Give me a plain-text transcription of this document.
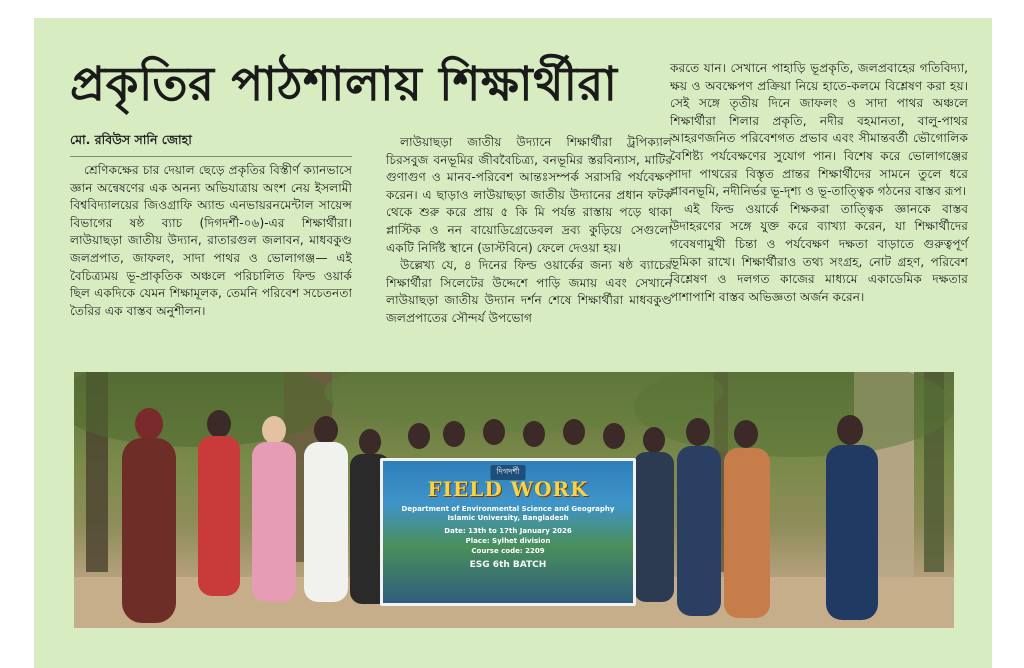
প্রকৃতির পাঠশালায় শিক্ষার্থীরা
মো. রবিউস সানি জোহা

শ্রেণিকক্ষের চার দেয়াল ছেড়ে প্রকৃতির বিস্তীর্ণ ক্যানভাসে জ্ঞান অন্বেষণের এক অনন্য অভিযাত্রায় অংশ নেয় ইসলামী বিশ্ববিদ্যালয়ের জিওগ্রাফি অ্যান্ড এনভায়রনমেন্টাল সায়েন্স বিভাগের ষষ্ঠ ব্যাচ (দিগদর্শী-০৬)-এর শিক্ষার্থীরা। লাউয়াছড়া জাতীয় উদ্যান, রাতারগুল জলাবন, মাধবকুণ্ড জলপ্রপাত, জাফলং, সাদা পাথর ও ভোলাগঞ্জ— এই বৈচিত্র্যময় ভূ-প্রাকৃতিক অঞ্চলে পরিচালিত ফিল্ড ওয়ার্ক ছিল একদিকে যেমন শিক্ষামূলক, তেমনি পরিবেশ সচেতনতা তৈরির এক বাস্তব অনুশীলন।

লাউয়াছড়া জাতীয় উদ্যানে শিক্ষার্থীরা ট্রপিক্যাল চিরসবুজ বনভূমির জীববৈচিত্র্য, বনভূমির স্তরবিন্যাস, মাটির গুণাগুণ ও মানব-পরিবেশ আন্তঃসম্পর্ক সরাসরি পর্যবেক্ষণ করেন। এ ছাড়াও লাউয়াছড়া জাতীয় উদ্যানের প্রধান ফটক থেকে শুরু করে প্রায় ৫ কি মি পর্যন্ত রাস্তায় পড়ে থাকা প্লাস্টিক ও নন বায়োডিগ্রেডেবল দ্রব্য কুড়িয়ে সেগুলো একটি নির্দিষ্ট স্থানে (ডাস্টবিনে) ফেলে দেওয়া হয়।

উল্লেখ্য যে, ৪ দিনের ফিল্ড ওয়ার্কের জন্য ষষ্ঠ ব্যাচের শিক্ষার্থীরা সিলেটের উদ্দেশে পাড়ি জমায় এবং সেখানে লাউয়াছড়া জাতীয় উদ্যান দর্শন শেষে শিক্ষার্থীরা মাধবকুণ্ড জলপ্রপাতের সৌন্দর্য উপভোগ

করতে যান। সেখানে পাহাড়ি ভূপ্রকৃতি, জলপ্রবাহের গতিবিদ্যা, ক্ষয় ও অবক্ষেপণ প্রক্রিয়া নিয়ে হাতে-কলমে বিশ্লেষণ করা হয়। সেই সঙ্গে তৃতীয় দিনে জাফলং ও সাদা পাথর অঞ্চলে শিক্ষার্থীরা শিলার প্রকৃতি, নদীর বহমানতা, বালু-পাথর আহরণজনিত পরিবেশগত প্রভাব এবং সীমান্তবর্তী ভৌগোলিক বৈশিষ্ট্য পর্যবেক্ষণের সুযোগ পান। বিশেষ করে ভোলাগঞ্জের সাদা পাথরের বিস্তৃত প্রান্তর শিক্ষার্থীদের সামনে তুলে ধরে প্লাবনভূমি, নদীনির্ভর ভূ-দৃশ্য ও ভূ-তাত্ত্বিক গঠনের বাস্তব রূপ।

এই ফিল্ড ওয়ার্কে শিক্ষকরা তাত্ত্বিক জ্ঞানকে বাস্তব উদাহরণের সঙ্গে যুক্ত করে ব্যাখ্যা করেন, যা শিক্ষার্থীদের গবেষণামুখী চিন্তা ও পর্যবেক্ষণ দক্ষতা বাড়াতে গুরুত্বপূর্ণ ভূমিকা রাখে। শিক্ষার্থীরাও তথ্য সংগ্রহ, নোট গ্রহণ, পরিবেশ বিশ্লেষণ ও দলগত কাজের মাধ্যমে একাডেমিক দক্ষতার পাশাপাশি বাস্তব অভিজ্ঞতা অর্জন করেন।

দিগদর্শী
FIELD WORK
Department of Environmental Science and Geography
Islamic University, Bangladesh
Date: 13th to 17th January 2026
Place: Sylhet division
Course code: 2209
ESG 6th BATCH
